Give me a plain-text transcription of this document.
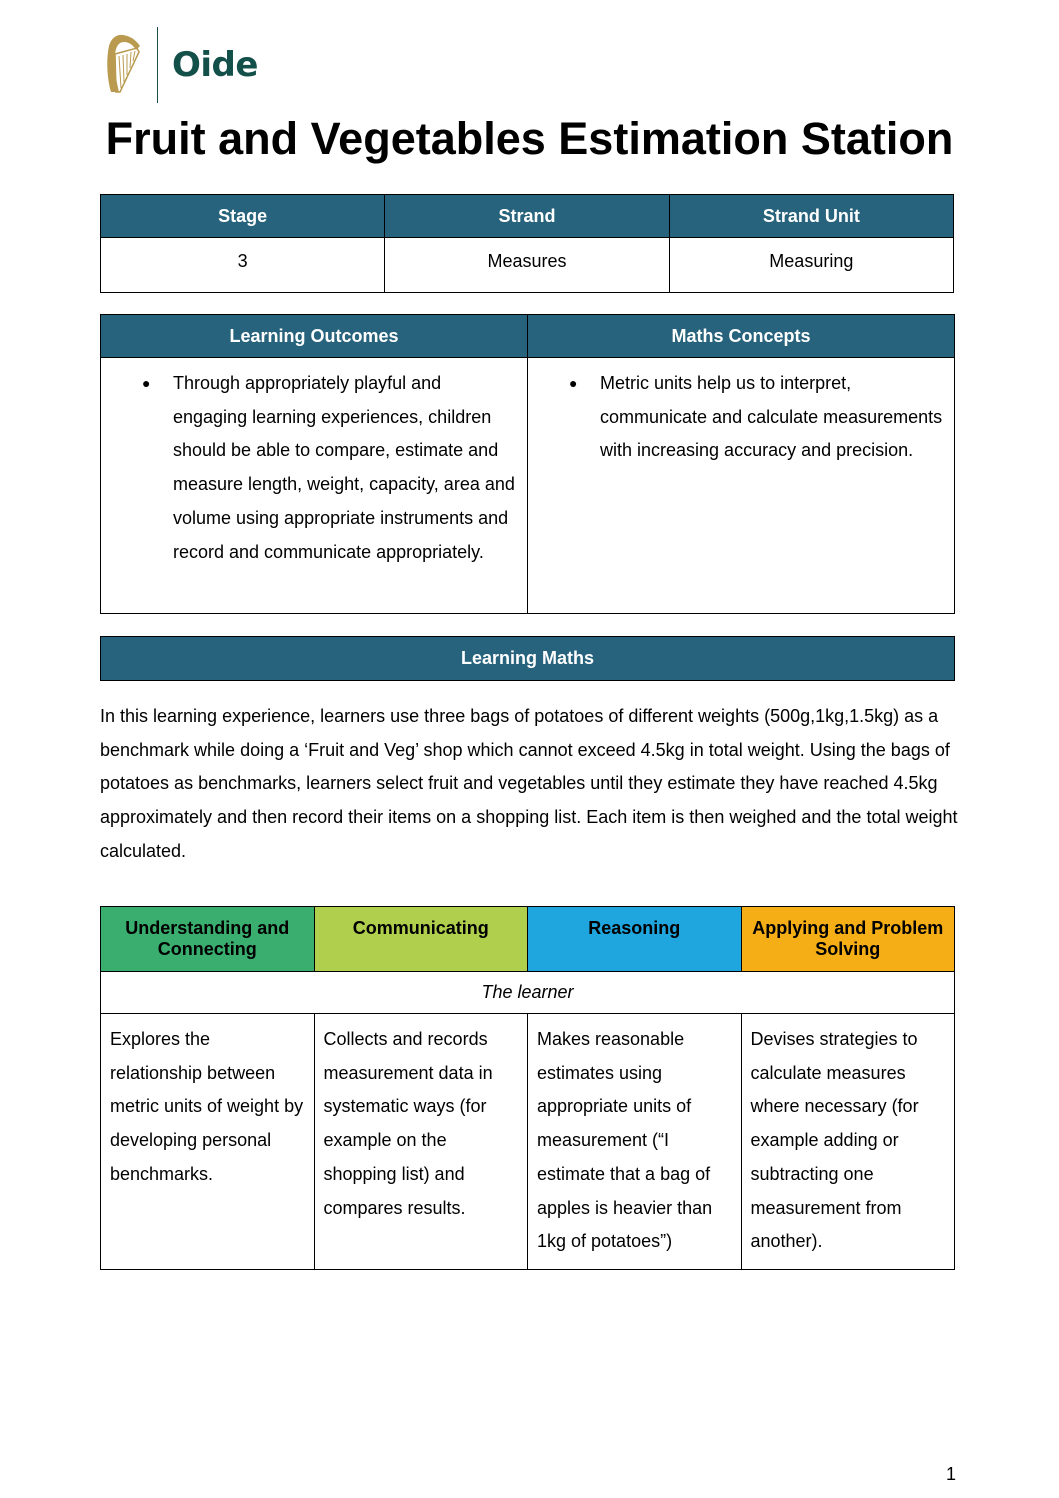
Oide
Fruit and Vegetables Estimation Station
Stage	Strand	Strand Unit
3	Measures	Measuring
Learning Outcomes	Maths Concepts

● Through appropriately playful and engaging learning experiences, children should be able to compare, estimate and measure length, weight, capacity, area and volume using appropriate instruments and record and communicate appropriately.	● Metric units help us to interpret, communicate and calculate measurements with increasing accuracy and precision.
Learning Maths

In this learning experience, learners use three bags of potatoes of different weights (500g,1kg,1.5kg) as a benchmark while doing a ‘Fruit and Veg’ shop which cannot exceed 4.5kg in total weight. Using the bags of potatoes as benchmarks, learners select fruit and vegetables until they estimate they have reached 4.5kg approximately and then record their items on a shopping list. Each item is then weighed and the total weight calculated.

Understanding and Connecting	Communicating	Reasoning	Applying and Problem Solving
The learner			
Explores the relationship between metric units of weight by developing personal benchmarks.	Collects and records measurement data in systematic ways (for example on the shopping list) and compares results.	Makes reasonable estimates using appropriate units of measurement (“I estimate that a bag of apples is heavier than 1kg of potatoes”)	Devises strategies to calculate measures where necessary (for example adding or subtracting one measurement from another).
1
